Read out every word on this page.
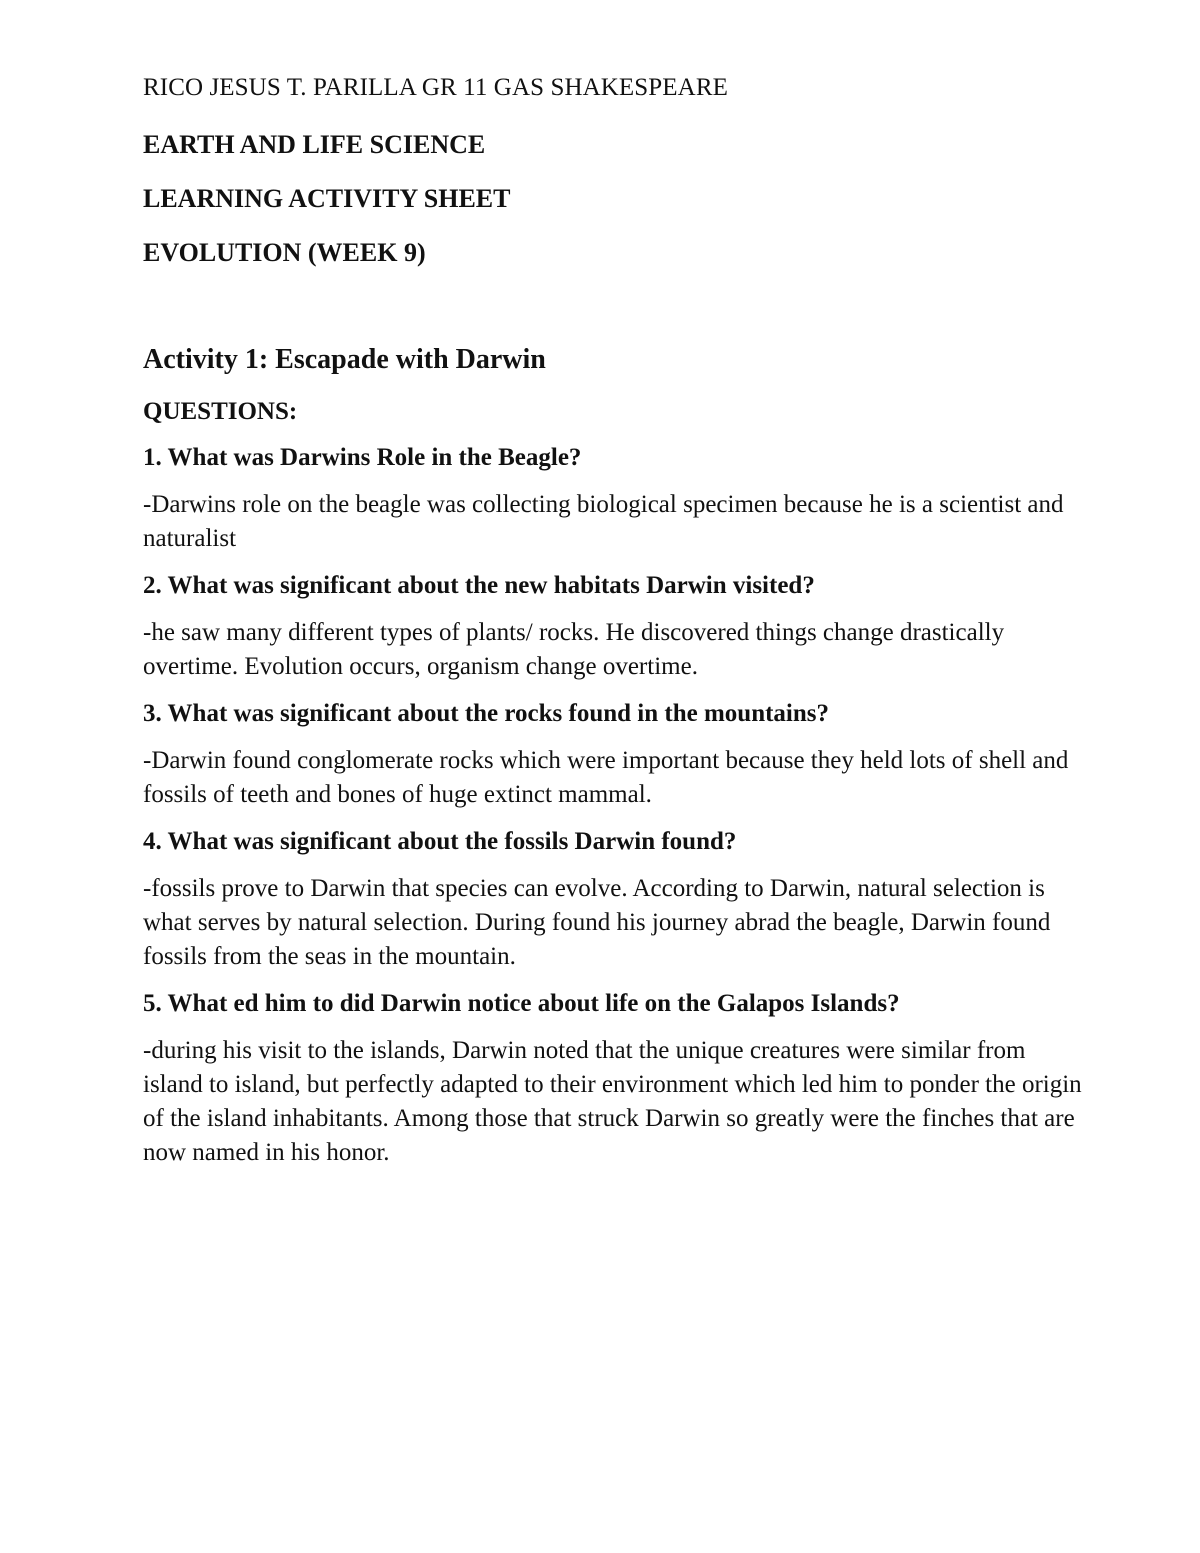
RICO JESUS T. PARILLA GR 11 GAS SHAKESPEARE

EARTH AND LIFE SCIENCE

LEARNING ACTIVITY SHEET

EVOLUTION (WEEK 9)

Activity 1: Escapade with Darwin

QUESTIONS:

1. What was Darwins Role in the Beagle?

-Darwins role on the beagle was collecting biological specimen because he is a scientist and naturalist

2. What was significant about the new habitats Darwin visited?

-he saw many different types of plants/ rocks. He discovered things change drastically overtime. Evolution occurs, organism change overtime.

3. What was significant about the rocks found in the mountains?

-Darwin found conglomerate rocks which were important because they held lots of shell and fossils of teeth and bones of huge extinct mammal.

4. What was significant about the fossils Darwin found?

-fossils prove to Darwin that species can evolve. According to Darwin, natural selection is what serves by natural selection. During found his journey abrad the beagle, Darwin found fossils from the seas in the mountain.

5. What ed him to did Darwin notice about life on the Galapos Islands?

-during his visit to the islands, Darwin noted that the unique creatures were similar from island to island, but perfectly adapted to their environment which led him to ponder the origin of the island inhabitants. Among those that struck Darwin so greatly were the finches that are now named in his honor.
